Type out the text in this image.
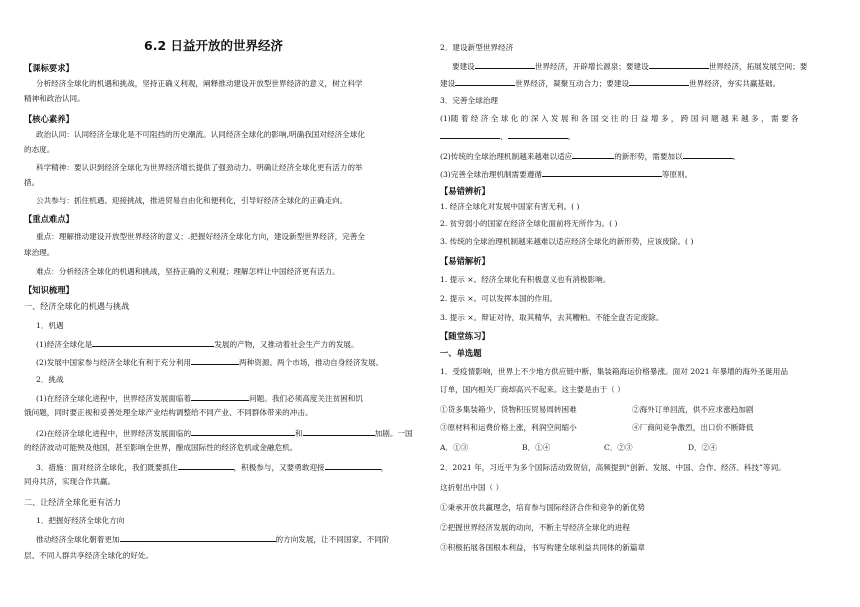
6.2 日益开放的世界经济
【课标要求】
分析经济全球化的机遇和挑战，坚持正确义利观，阐释推动建设开放型世界经济的意义，树立科学
精神和政治认同。
【核心素养】
政治认同：认同经济全球化是不可阻挡的历史潮流。认同经济全球化的影响,明确我国对经济全球化
的态度。
科学精神：要认识到经济全球化为世界经济增长提供了强劲动力。明确让经济全球化更有活力的举
措。
公共参与：抓住机遇、迎接挑战，推进贸易自由化和便利化，引导好经济全球化的正确走向。
【重点难点】
重点：理解推动建设开放型世界经济的意义；.把握好经济全球化方向，建设新型世界经济，完善全
球治理。
难点：分析经济全球化的机遇和挑战，坚持正确的义利观；理解怎样让中国经济更有活力。
【知识梳理】
一、经济全球化的机遇与挑战
1．机遇
(1)经济全球化是	发展的产物，又推动着社会生产力的发展。
(2)发展中国家参与经济全球化有利于充分利用	两种资源、两个市场，推动自身经济发展。
2．挑战
(1)在经济全球化进程中，世界经济发展面临着	问题。我们必须高度关注贫困和饥
饿问题，同时要正视和妥善处理全球产业结构调整给不同产业、不同群体带来的冲击。
(2)在经济全球化进程中，世界经济发展面临的	和	加剧。一国
的经济波动可能殃及他国，甚至影响全世界，酿成国际性的经济危机或金融危机。
3．措施：面对经济全球化，我们既要抓住	，积极参与，又要勇敢迎接	，
同舟共济，实现合作共赢。
二、让经济全球化更有活力
1．把握好经济全球化方向
推动经济全球化朝着更加	的方向发展，让不同国家、不同阶
层、不同人群共享经济全球化的好处。
2．建设新型世界经济
要建设	世界经济，开辟增长源泉；要建设	世界经济，拓展发展空间；要
建设	世界经济，凝聚互动合力；要建设	世界经济，夯实共赢基础。
3．完善全球治理
(1)随 着 经 济 全 球 化 的 深 入 发 展 和 各 国 交 往 的 日 益 增 多 ， 跨 国 问 题 越 来 越 多 ， 需 要 各
、	。
(2)传统的全球治理机制越来越难以适应	的新形势，需要加以	。
(3)完善全球治理机制需要遵循	等原则。
【易错辨析】
1. 经济全球化对发展中国家有害无利。( )
2. 贫穷弱小的国家在经济全球化面前将无所作为。( )
3. 传统的全球治理机制越来越难以适应经济全球化的新形势，应该废除。( )
【易错解析】
1. 提示 ×。经济全球化有积极意义也有消极影响。
2. 提示 ×。可以发挥本国的作用。
3. 提示 ×。辩证对待，取其精华，去其糟粕。不能全盘否定废除。
【随堂练习】
一、单选题
1．受疫情影响，世界上不少地方供应链中断，集装箱海运价格暴涨。面对 2021 年暴增的海外圣诞用品
订单，国内相关厂商却高兴不起来。这主要是由于（ ）
①货多集装箱少，货物积压贸易周转困难	②海外订单回流，供不应求涨趋加剧
③原材料和运费价格上涨，利润空间缩小	④厂商间竞争激烈，出口价不断降低
A．①③	B．①④	C．②③	D．②④
2．2021 年，习近平为多个国际活动致贺信，高频提到“创新、发展、中国、合作、经济、科技”等词。
这折射出中国（ ）
①秉承开放共赢理念，培育参与国际经济合作和竞争的新优势
②把握世界经济发展的动向，不断主导经济全球化的进程
③积极拓展各国根本利益，书写构建全球利益共同体的新篇章
